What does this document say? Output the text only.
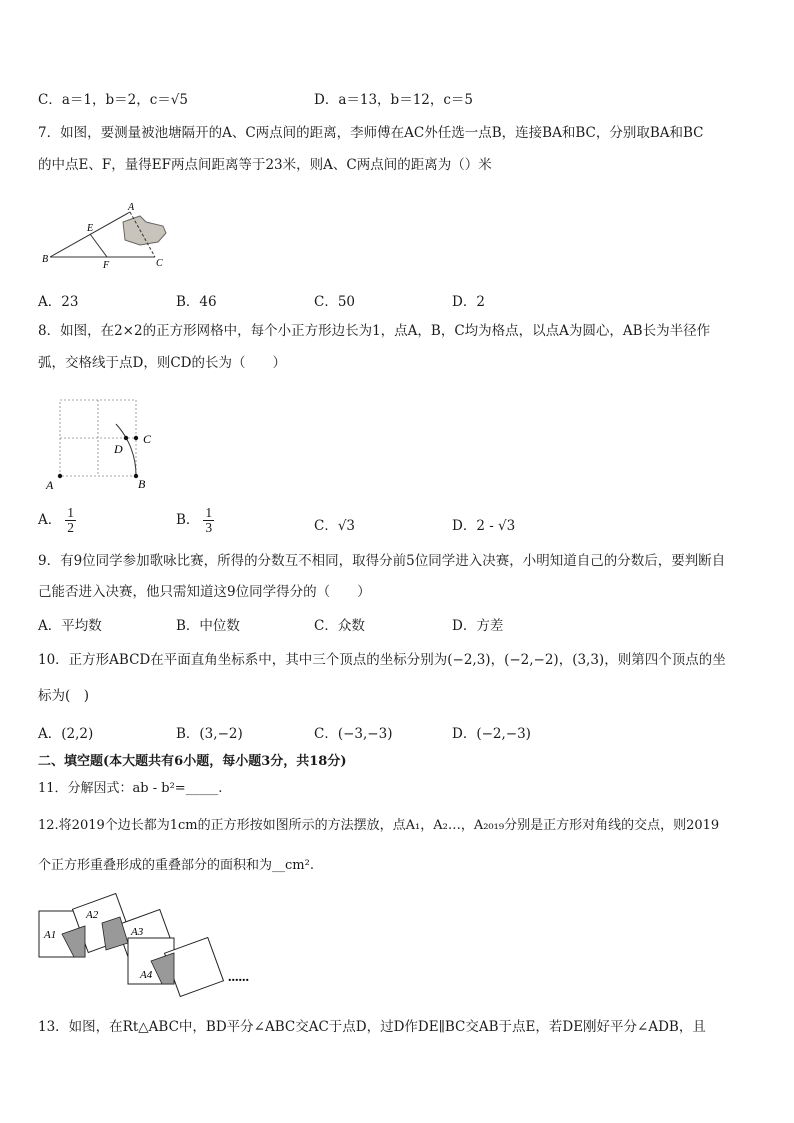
C．a＝1，b＝2，c＝√5	D．a＝13，b＝12，c＝5
7．如图，要测量被池塘隔开的A、C两点间的距离，李师傅在AC外任选一点B，连接BA和BC，分别取BA和BC
的中点E、F，量得EF两点间距离等于23米，则A、C两点间的距离为（）米
A
E
B
F	C
A．23	B．46	C．50	D．2
8．如图，在2×2的正方形网格中，每个小正方形边长为1，点A，B，C均为格点，以点A为圆心，AB长为半径作
弧，交格线于点D，则CD的长为（　　）
C
D
A	B
A． $\frac{1}{2}$	B． $\frac{1}{3}$	C．√3	D．2 - √3
9．有9位同学参加歌咏比赛，所得的分数互不相同，取得分前5位同学进入决赛，小明知道自己的分数后，要判断自
己能否进入决赛，他只需知道这9位同学得分的（　　）
A．平均数	B．中位数	C．众数	D．方差
10．正方形ABCD在平面直角坐标系中，其中三个顶点的坐标分别为(−2,3)，(−2,−2)，(3,3)，则第四个顶点的坐
标为(　)
A．(2,2)	B．(3,−2)	C．(−3,−3)	D．(−2,−3)
二、填空题(本大题共有6小题，每小题3分，共18分)
11．分解因式：ab - b²=_____.
12.将2019个边长都为1cm的正方形按如图所示的方法摆放，点A₁，A₂…，A₂₀₁₉分别是正方形对角线的交点，则2019
个正方形重叠形成的重叠部分的面积和为__cm².
A1
A2
A3
A4	......
13．如图，在Rt△ABC中，BD平分∠ABC交AC于点D，过D作DE∥BC交AB于点E，若DE刚好平分∠ADB，且
